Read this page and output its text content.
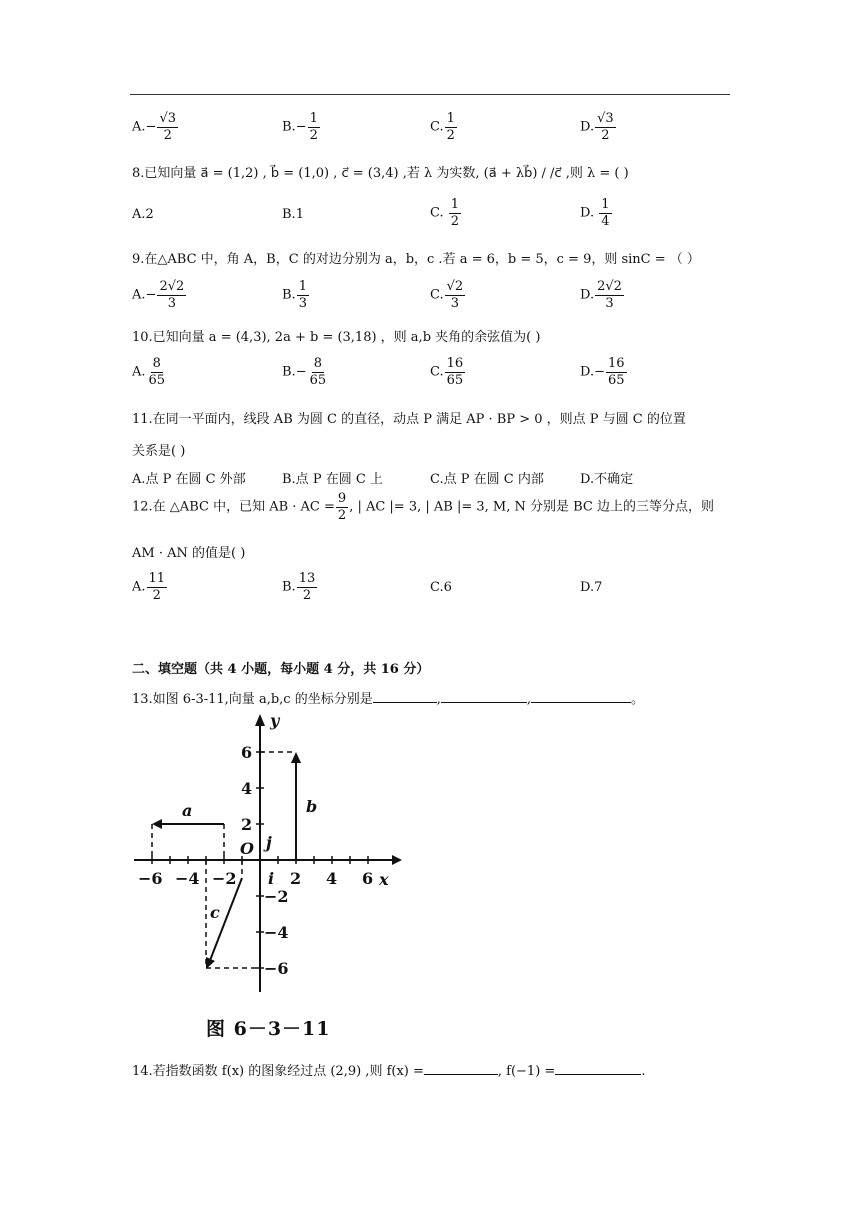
$A.- \frac{√3}{2}$	$B.- \frac{1}{2}$	C. $\frac{1}{2}$	D. $\frac{√3}{2}$
8.已知向量 a⃗ = (1,2) , b⃗ = (1,0) , c⃗ = (3,4) ,若 λ 为实数, (a⃗ + λb⃗) / /c⃗ ,则 λ = ( )
A.2	B.1	C. $\frac{1}{2}$	D. $\frac{1}{4}$
9.在△ABC 中，角 A，B，C 的对边分别为 a，b，c .若 a = 6，b = 5，c = 9，则 sinC = （ ）
$A.- \frac{2√2}{3}$	B. $\frac{1}{3}$	C. $\frac{√2}{3}$	D. $\frac{2√2}{3}$
10.已知向量 a = (4,3), 2a + b = (3,18) ，则 a,b 夹角的余弦值为( )
A. $\frac{8}{65}$	$B.- \frac{8}{65}$	C. $\frac{16}{65}$	$D.- \frac{16}{65}$
11.在同一平面内，线段 AB 为圆 C 的直径，动点 P 满足 AP · BP > 0 ，则点 P 与圆 C 的位置
关系是( )
A.点 P 在圆 C 外部	B.点 P 在圆 C 上	C.点 P 在圆 C 内部	D.不确定
12.在 △ABC 中，已知 AB · AC = $\frac{9}{2}$ , | AC |= 3, | AB |= 3, M, N 分别是 BC 边上的三等分点，则
AM · AN 的值是( )
A. $\frac{11}{2}$	B. $\frac{13}{2}$	C.6	D.7
二、填空题（共 4 小题，每小题 4 分，共 16 分）
13.如图 6-3-11,向量 a,b,c 的坐标分别是	,	,	。
y
x
−6 −4 −2	2 4 6
6
4
2
−2
−4
−6
O j
i
a	b
c
图 6－3－11
14.若指数函数 f(x) 的图象经过点 (2,9) ,则 f(x) =	, f(−1) =	.
